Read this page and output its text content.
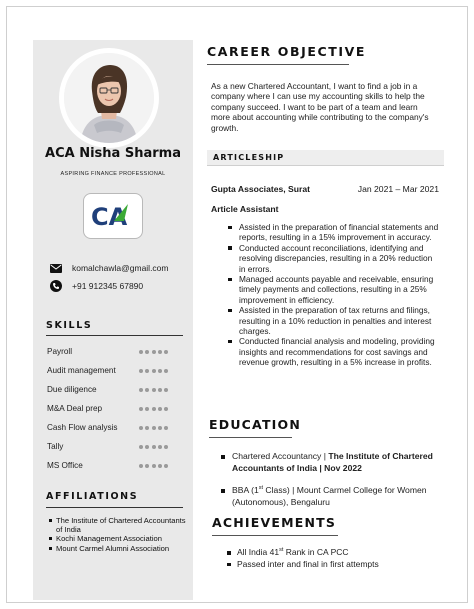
ACA Nisha Sharma
ASPIRING FINANCE PROFESSIONAL
CA
komalchawla@gmail.com
+91 912345 67890
SKILLS
Payroll
Audit management
Due diligence
M&A Deal prep
Cash Flow analysis
Tally
MS Office
AFFILIATIONS
The Institute of Chartered Accountants of India
Kochi Management Association
Mount Carmel Alumni Association
CAREER OBJECTIVE
As a new Chartered Accountant, I want to find a job in a company where I can use my accounting skills to help the company succeed. I want to be part of a team and learn more about accounting while contributing to the company's growth.
ARTICLESHIP
Gupta Associates, Surat	Jan 2021 – Mar 2021
Article Assistant
Assisted in the preparation of financial statements and reports, resulting in a 15% improvement in accuracy.
Conducted account reconciliations, identifying and resolving discrepancies, resulting in a 20% reduction in errors.
Managed accounts payable and receivable, ensuring timely payments and collections, resulting in a 25% improvement in efficiency.
Assisted in the preparation of tax returns and filings, resulting in a 10% reduction in penalties and interest charges.
Conducted financial analysis and modeling, providing insights and recommendations for cost savings and revenue growth, resulting in a 5% increase in profits.
EDUCATION
Chartered Accountancy | The Institute of Chartered Accountants of India | Nov 2022
BBA (1st Class) | Mount Carmel College for Women (Autonomous), Bengaluru
ACHIEVEMENTS
All India 41st Rank in CA PCC
Passed inter and final in first attempts
